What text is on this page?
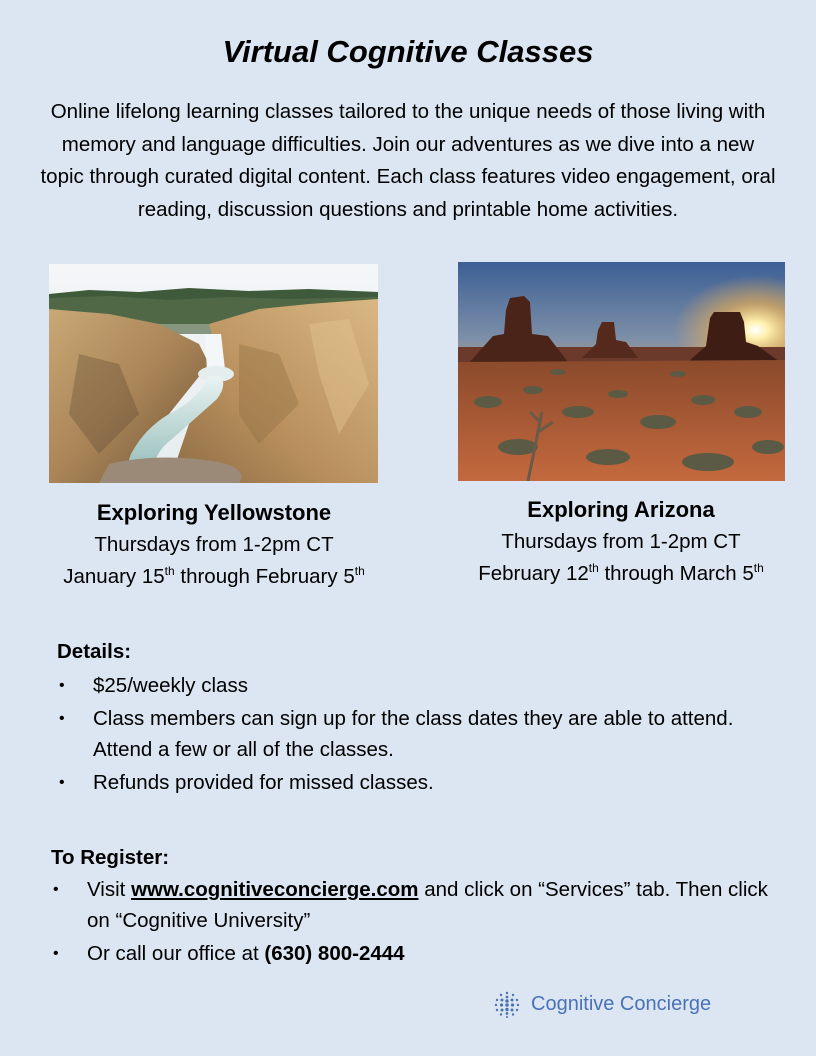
Virtual Cognitive Classes

Online lifelong learning classes tailored to the unique needs of those living with memory and language difficulties. Join our adventures as we dive into a new topic through curated digital content. Each class features video engagement, oral reading, discussion questions and printable home activities.

Exploring Yellowstone
Thursdays from 1-2pm CT
January 15th through February 5th
Exploring Arizona
Thursdays from 1-2pm CT
February 12th through March 5th
Details:
• $25/weekly class
• Class members can sign up for the class dates they are able to attend. Attend a few or all of the classes.
• Refunds provided for missed classes.
To Register:
• Visit www.cognitiveconcierge.com and click on “Services” tab. Then click on “Cognitive University”
• Or call our office at (630) 800-2444
Cognitive Concierge
